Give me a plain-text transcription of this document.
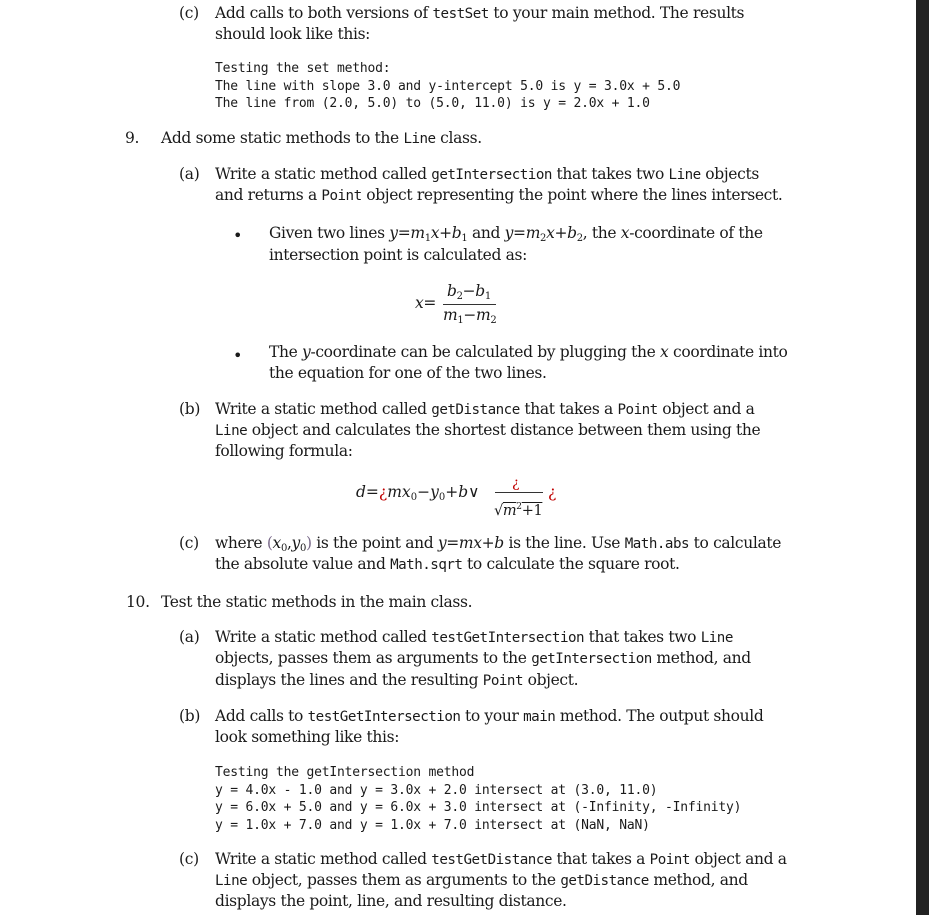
(c) Add calls to both versions of testSet to your main method. The results
should look like this:
Testing the set method:
The line with slope 3.0 and y-intercept 5.0 is y = 3.0x + 5.0
The line from (2.0, 5.0) to (5.0, 11.0) is y = 2.0x + 1.0
9. Add some static methods to the Line class.
(a) Write a static method called getIntersection that takes two Line objects
and returns a Point object representing the point where the lines intersect.
• Given two lines $y=m_1x+b_1$ and $y=m_2x+b_2$, the x-coordinate of the
intersection point is calculated as:
x=
$b_2-b_1$
$m_1-m_2$
• The y-coordinate can be calculated by plugging the x coordinate into
the equation for one of the two lines.
(b) Write a static method called getDistance that takes a Point object and a
Line object and calculates the shortest distance between them using the
following formula:
$d=¿mx_0-y_0+b\vee$ ¿ ¿
$√m^2+1$
(c) where $(x_0,y_0)$ is the point and y=mx+b is the line. Use Math.abs to calculate
the absolute value and Math.sqrt to calculate the square root.
10. Test the static methods in the main class.
(a) Write a static method called testGetIntersection that takes two Line
objects, passes them as arguments to the getIntersection method, and
displays the lines and the resulting Point object.
(b) Add calls to testGetIntersection to your main method. The output should
look something like this:
Testing the getIntersection method
y = 4.0x - 1.0 and y = 3.0x + 2.0 intersect at (3.0, 11.0)
y = 6.0x + 5.0 and y = 6.0x + 3.0 intersect at (-Infinity, -Infinity)
y = 1.0x + 7.0 and y = 1.0x + 7.0 intersect at (NaN, NaN)
(c) Write a static method called testGetDistance that takes a Point object and a
Line object, passes them as arguments to the getDistance method, and
displays the point, line, and resulting distance.
